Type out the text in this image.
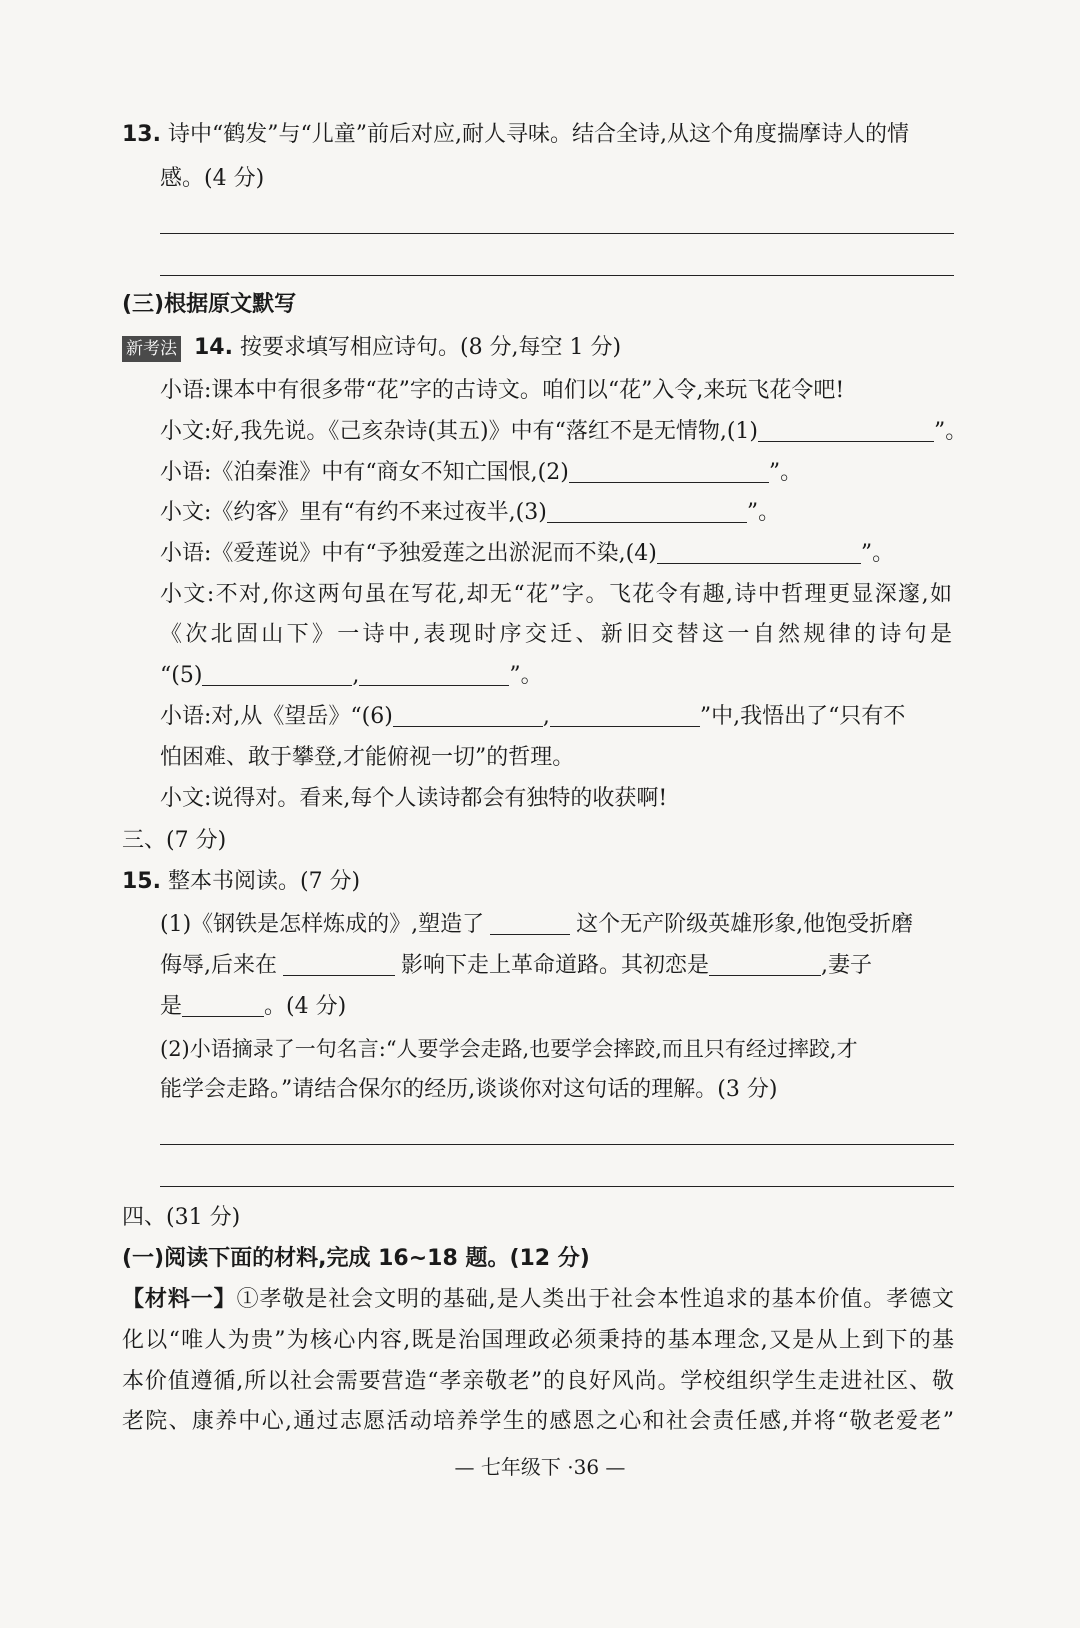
13. 诗中“鹤发”与“儿童”前后对应,耐人寻味。结合全诗,从这个角度揣摩诗人的情
感。(4 分)
(三)根据原文默写
新考法 14. 按要求填写相应诗句。(8 分,每空 1 分)
小语:课本中有很多带“花”字的古诗文。咱们以“花”入令,来玩飞花令吧!
小文:好,我先说。《己亥杂诗(其五)》中有“落红不是无情物,(1)	”。
小语:《泊秦淮》中有“商女不知亡国恨,(2)	”。
小文:《约客》里有“有约不来过夜半,(3)	”。
小语:《爱莲说》中有“予独爱莲之出淤泥而不染,(4)	”。
小文:不对,你这两句虽在写花,却无“花”字。飞花令有趣,诗中哲理更显深邃,如
《次北固山下》一诗中,表现时序交迁、新旧交替这一自然规律的诗句是
“(5)	,	”。
小语:对,从《望岳》“(6)	,	”中,我悟出了“只有不
怕困难、敢于攀登,才能俯视一切”的哲理。
小文:说得对。看来,每个人读诗都会有独特的收获啊!
三、(7 分)
15. 整本书阅读。(7 分)
(1)《钢铁是怎样炼成的》,塑造了	这个无产阶级英雄形象,他饱受折磨
侮辱,后来在	影响下走上革命道路。其初恋是	,妻子
是	。(4 分)
(2)小语摘录了一句名言:“人要学会走路,也要学会摔跤,而且只有经过摔跤,才
能学会走路。”请结合保尔的经历,谈谈你对这句话的理解。(3 分)
四、(31 分)
(一)阅读下面的材料,完成 16~18 题。(12 分)
【材料一】①孝敬是社会文明的基础,是人类出于社会本性追求的基本价值。孝德文
化以“唯人为贵”为核心内容,既是治国理政必须秉持的基本理念,又是从上到下的基
本价值遵循,所以社会需要营造“孝亲敬老”的良好风尚。学校组织学生走进社区、敬
老院、康养中心,通过志愿活动培养学生的感恩之心和社会责任感,并将“敬老爱老”
— 七年级下 ·36 —
